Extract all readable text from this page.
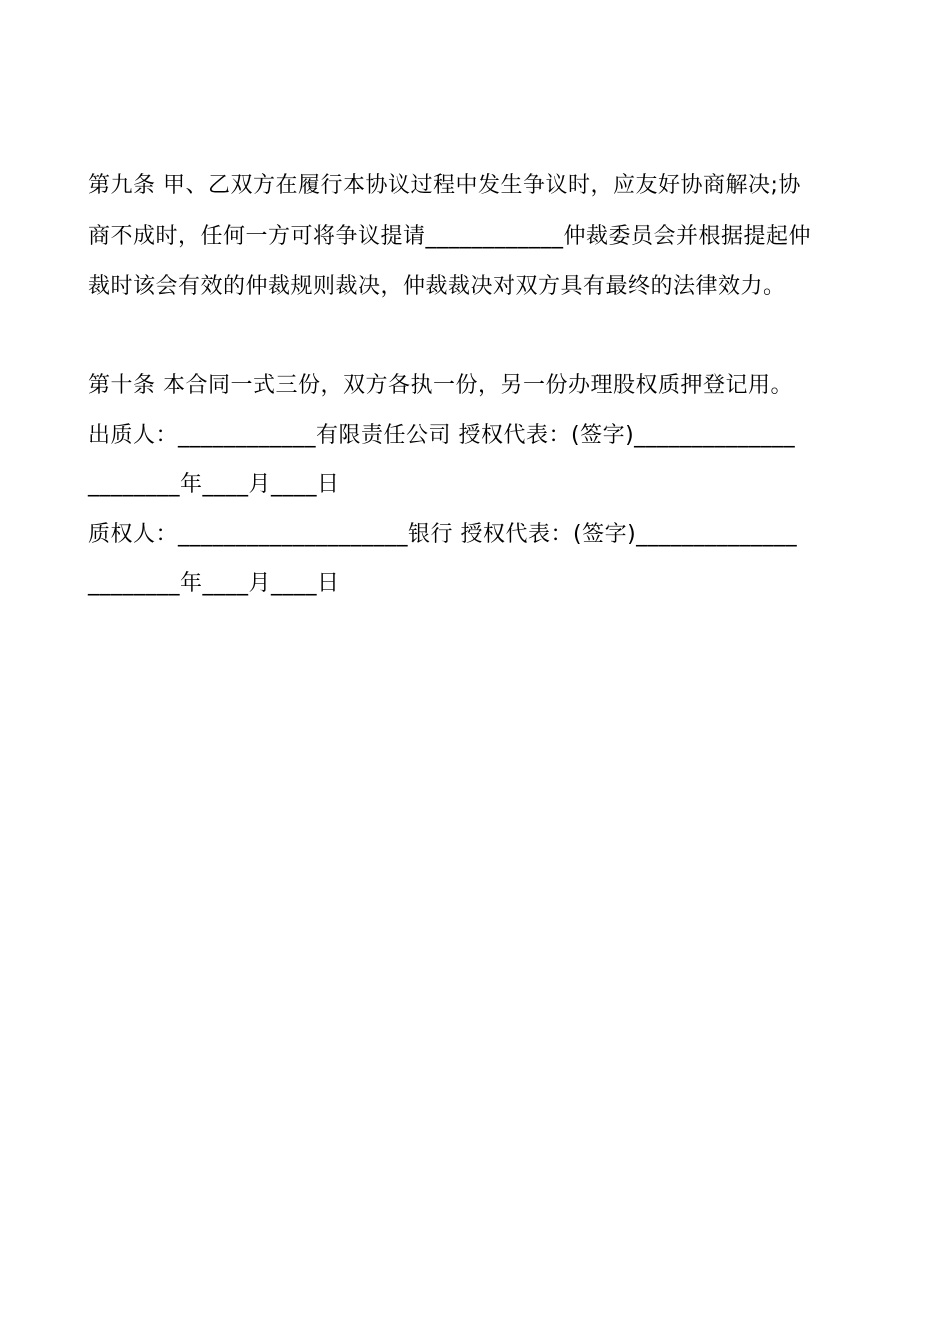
第九条 甲、乙双方在履行本协议过程中发生争议时，应友好协商解决;协
商不成时，任何一方可将争议提请____________仲裁委员会并根据提起仲
裁时该会有效的仲裁规则裁决，仲裁裁决对双方具有最终的法律效力。
第十条 本合同一式三份，双方各执一份，另一份办理股权质押登记用。
出质人：____________有限责任公司 授权代表：(签字)______________
________年____月____日
质权人：____________________银行 授权代表：(签字)______________
________年____月____日
